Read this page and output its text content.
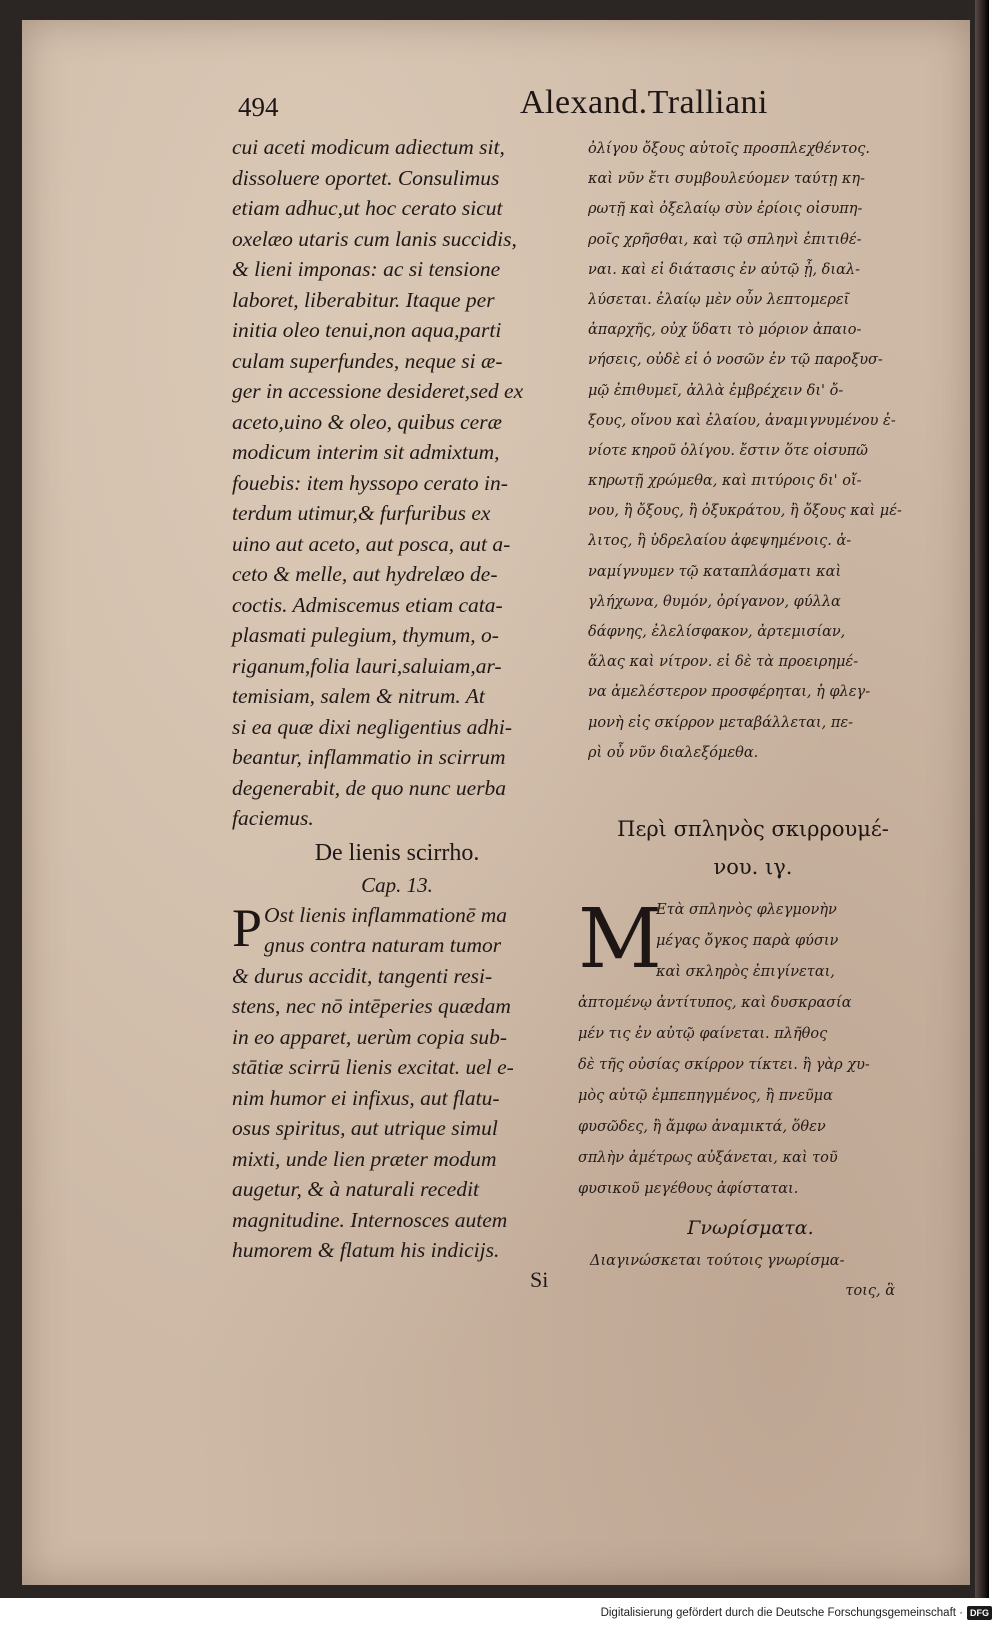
494	Alexand.Tralliani
cui aceti modicum adiectum sit,
dissoluere oportet. Consulimus
etiam adhuc,ut hoc cerato sicut
oxelæo utaris cum lanis succidis,
& lieni imponas: ac si tensione
laboret, liberabitur. Itaque per
initia oleo tenui,non aqua,parti
culam superfundes, neque si æ-
ger in accessione desideret,sed ex
aceto,uino & oleo, quibus ceræ
modicum interim sit admixtum,
fouebis: item hyssopo cerato in-
terdum utimur,& furfuribus ex
uino aut aceto, aut posca, aut a-
ceto & melle, aut hydrelæo de-
coctis. Admiscemus etiam cata-
plasmati pulegium, thymum, o-
riganum,folia lauri,saluiam,ar-
temisiam, salem & nitrum. At
si ea quæ dixi negligentius adhi-
beantur, inflammatio in scirrum
degenerabit, de quo nunc uerba
faciemus.
De lienis scirrho.
Cap. 13.
P Ost lienis inflammationē ma
gnus contra naturam tumor
& durus accidit, tangenti resi-
stens, nec nō intēperies quædam
in eo apparet, uerùm copia sub-
stātiæ scirrū lienis excitat. uel e-
nim humor ei infixus, aut flatu-
osus spiritus, aut utrique simul
mixti, unde lien præter modum
augetur, & à naturali recedit
magnitudine. Internosces autem
humorem & flatum his indicijs.
Si
ὀλίγου ὄξους αὐτοῖς προσπλεχθέντος.
καὶ νῦν ἔτι συμβουλεύομεν ταύτῃ κη-
ρωτῇ καὶ ὀξελαίῳ σὺν ἐρίοις οἰσυπη-
ροῖς χρῆσθαι, καὶ τῷ σπληνὶ ἐπιτιθέ-
ναι. καὶ εἰ διάτασις ἐν αὐτῷ ᾖ, διαλ-
λύσεται. ἐλαίῳ μὲν οὖν λεπτομερεῖ
ἀπαρχῆς, οὐχ ὕδατι τὸ μόριον ἀπαιο-
νήσεις, οὐδὲ εἰ ὁ νοσῶν ἐν τῷ παροξυσ-
μῷ ἐπιθυμεῖ, ἀλλὰ ἐμβρέχειν δι' ὄ-
ξους, οἴνου καὶ ἐλαίου, ἀναμιγνυμένου ἐ-
νίοτε κηροῦ ὀλίγου. ἔστιν ὅτε οἰσυπῶ
κηρωτῇ χρώμεθα, καὶ πιτύροις δι' οἴ-
νου, ἢ ὄξους, ἢ ὀξυκράτου, ἢ ὄξους καὶ μέ-
λιτος, ἢ ὑδρελαίου ἀφεψημένοις. ἀ-
ναμίγνυμεν τῷ καταπλάσματι καὶ
γλήχωνα, θυμόν, ὀρίγανον, φύλλα
δάφνης, ἐλελίσφακον, ἀρτεμισίαν,
ἅλας καὶ νίτρον. εἰ δὲ τὰ προειρημέ-
να ἀμελέστερον προσφέρηται, ἡ φλεγ-
μονὴ εἰς σκίρρον μεταβάλλεται, πε-
ρὶ οὗ νῦν διαλεξόμεθα.
Περὶ σπληνὸς σκιρρουμέ-
νου. ιγ.
Μ
Ετὰ σπληνὸς φλεγμονὴν
μέγας ὄγκος παρὰ φύσιν
καὶ σκληρὸς ἐπιγίνεται,
ἀπτομένῳ ἀντίτυπος, καὶ δυσκρασία
μέν τις ἐν αὐτῷ φαίνεται. πλῆθος
δὲ τῆς οὐσίας σκίρρον τίκτει. ἢ γὰρ χυ-
μὸς αὐτῷ ἐμπεπηγμένος, ἢ πνεῦμα
φυσῶδες, ἢ ἄμφω ἀναμικτά, ὅθεν
σπλὴν ἀμέτρως αὐξάνεται, καὶ τοῦ
φυσικοῦ μεγέθους ἀφίσταται.
Γνωρίσματα.
Διαγινώσκεται τούτοις γνωρίσμα-
τοις, ἃ
Digitalisierung gefördert durch die Deutsche Forschungsgemeinschaft · DFG
